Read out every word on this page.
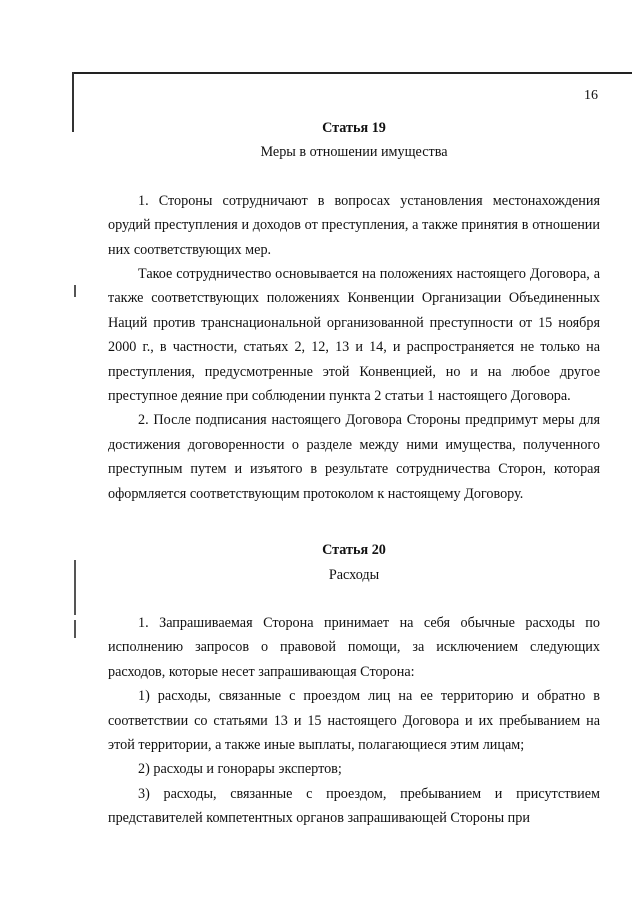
16
Статья 19
Меры в отношении имущества

1. Стороны сотрудничают в вопросах установления местонахождения орудий преступления и доходов от преступления, а также принятия в отношении них соответствующих мер.

Такое сотрудничество основывается на положениях настоящего Договора, а также соответствующих положениях Конвенции Организации Объединенных Наций против транснациональной организованной преступности от 15 ноября 2000 г., в частности, статьях 2, 12, 13 и 14, и распространяется не только на преступления, предусмотренные этой Конвенцией, но и на любое другое преступное деяние при соблюдении пункта 2 статьи 1 настоящего Договора.

2. После подписания настоящего Договора Стороны предпримут меры для достижения договоренности о разделе между ними имущества, полученного преступным путем и изъятого в результате сотрудничества Сторон, которая оформляется соответствующим протоколом к настоящему Договору.

Статья 20
Расходы

1. Запрашиваемая Сторона принимает на себя обычные расходы по исполнению запросов о правовой помощи, за исключением следующих расходов, которые несет запрашивающая Сторона:

1) расходы, связанные с проездом лиц на ее территорию и обратно в соответствии со статьями 13 и 15 настоящего Договора и их пребыванием на этой территории, а также иные выплаты, полагающиеся этим лицам;

2) расходы и гонорары экспертов;

3) расходы, связанные с проездом, пребыванием и присутствием представителей компетентных органов запрашивающей Стороны при
